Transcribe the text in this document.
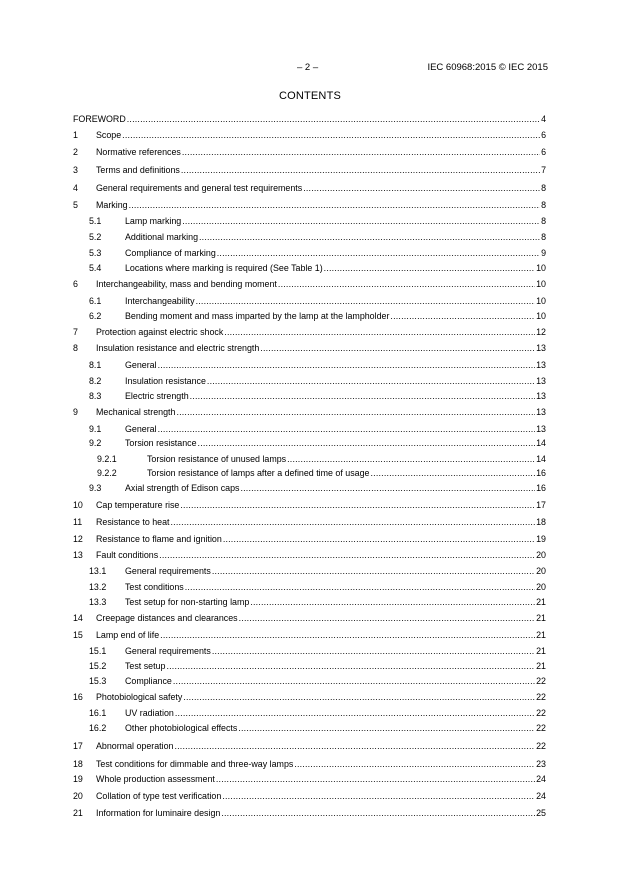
– 2 –	IEC 60968:2015 © IEC 2015
CONTENTS
FOREWORD .....	4
1	Scope .....	6
2	Normative references .....	6
3	Terms and definitions .....	7
4	General requirements and general test requirements .....	8
5	Marking .....	8
5.1	Lamp marking .....	8
5.2	Additional marking .....	8
5.3	Compliance of marking .....	9
5.4	Locations where marking is required (See Table 1) .....	10
6	Interchangeability, mass and bending moment .....	10
6.1	Interchangeability .....	10
6.2	Bending moment and mass imparted by the lamp at the lampholder .....	10
7	Protection against electric shock .....	12
8	Insulation resistance and electric strength .....	13
8.1	General .....	13
8.2	Insulation resistance .....	13
8.3	Electric strength .....	13
9	Mechanical strength .....	13
9.1	General .....	13
9.2	Torsion resistance .....	14
9.2.1	Torsion resistance of unused lamps .....	14
9.2.2	Torsion resistance of lamps after a defined time of usage .....	16
9.3	Axial strength of Edison caps .....	16
10	Cap temperature rise .....	17
11	Resistance to heat .....	18
12	Resistance to flame and ignition .....	19
13	Fault conditions .....	20
13.1	General requirements .....	20
13.2	Test conditions .....	20
13.3	Test setup for non-starting lamp .....	21
14	Creepage distances and clearances .....	21
15	Lamp end of life .....	21
15.1	General requirements .....	21
15.2	Test setup .....	21
15.3	Compliance .....	22
16	Photobiological safety .....	22
16.1	UV radiation .....	22
16.2	Other photobiological effects .....	22
17	Abnormal operation .....	22
18	Test conditions for dimmable and three-way lamps .....	23
19	Whole production assessment .....	24
20	Collation of type test verification .....	24
21	Information for luminaire design .....	25
